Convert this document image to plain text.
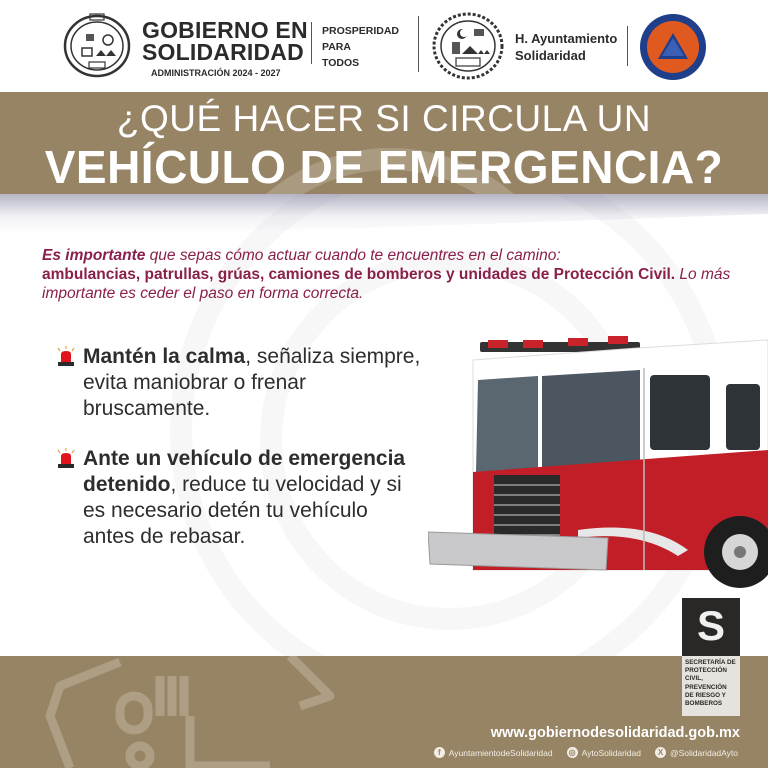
GOBIERNO EN
SOLIDARIDAD
ADMINISTRACIÓN 2024 - 2027
PROSPERIDAD
PARA
TODOS
H. Ayuntamiento
Solidaridad
¿QUÉ HACER SI CIRCULA UN
VEHÍCULO DE EMERGENCIA?
Es importante que sepas cómo actuar cuando te encuentres en el camino:
ambulancias, patrullas, grúas, camiones de bomberos y unidades de Protección Civil. Lo más importante es ceder el paso en forma correcta.
Mantén la calma, señaliza siempre, evita maniobrar o frenar bruscamente.
Ante un vehículo de emergencia detenido, reduce tu velocidad y si es necesario detén tu vehículo antes de rebasar.
www.gobiernodesolidaridad.gob.mx
f AyuntamientodeSolidaridad ◎ AytoSolidaridad	X @SolidaridadAyto
S
SECRETARÍA DE PROTECCIÓN CIVIL, PREVENCIÓN DE RIESGO Y BOMBEROS
